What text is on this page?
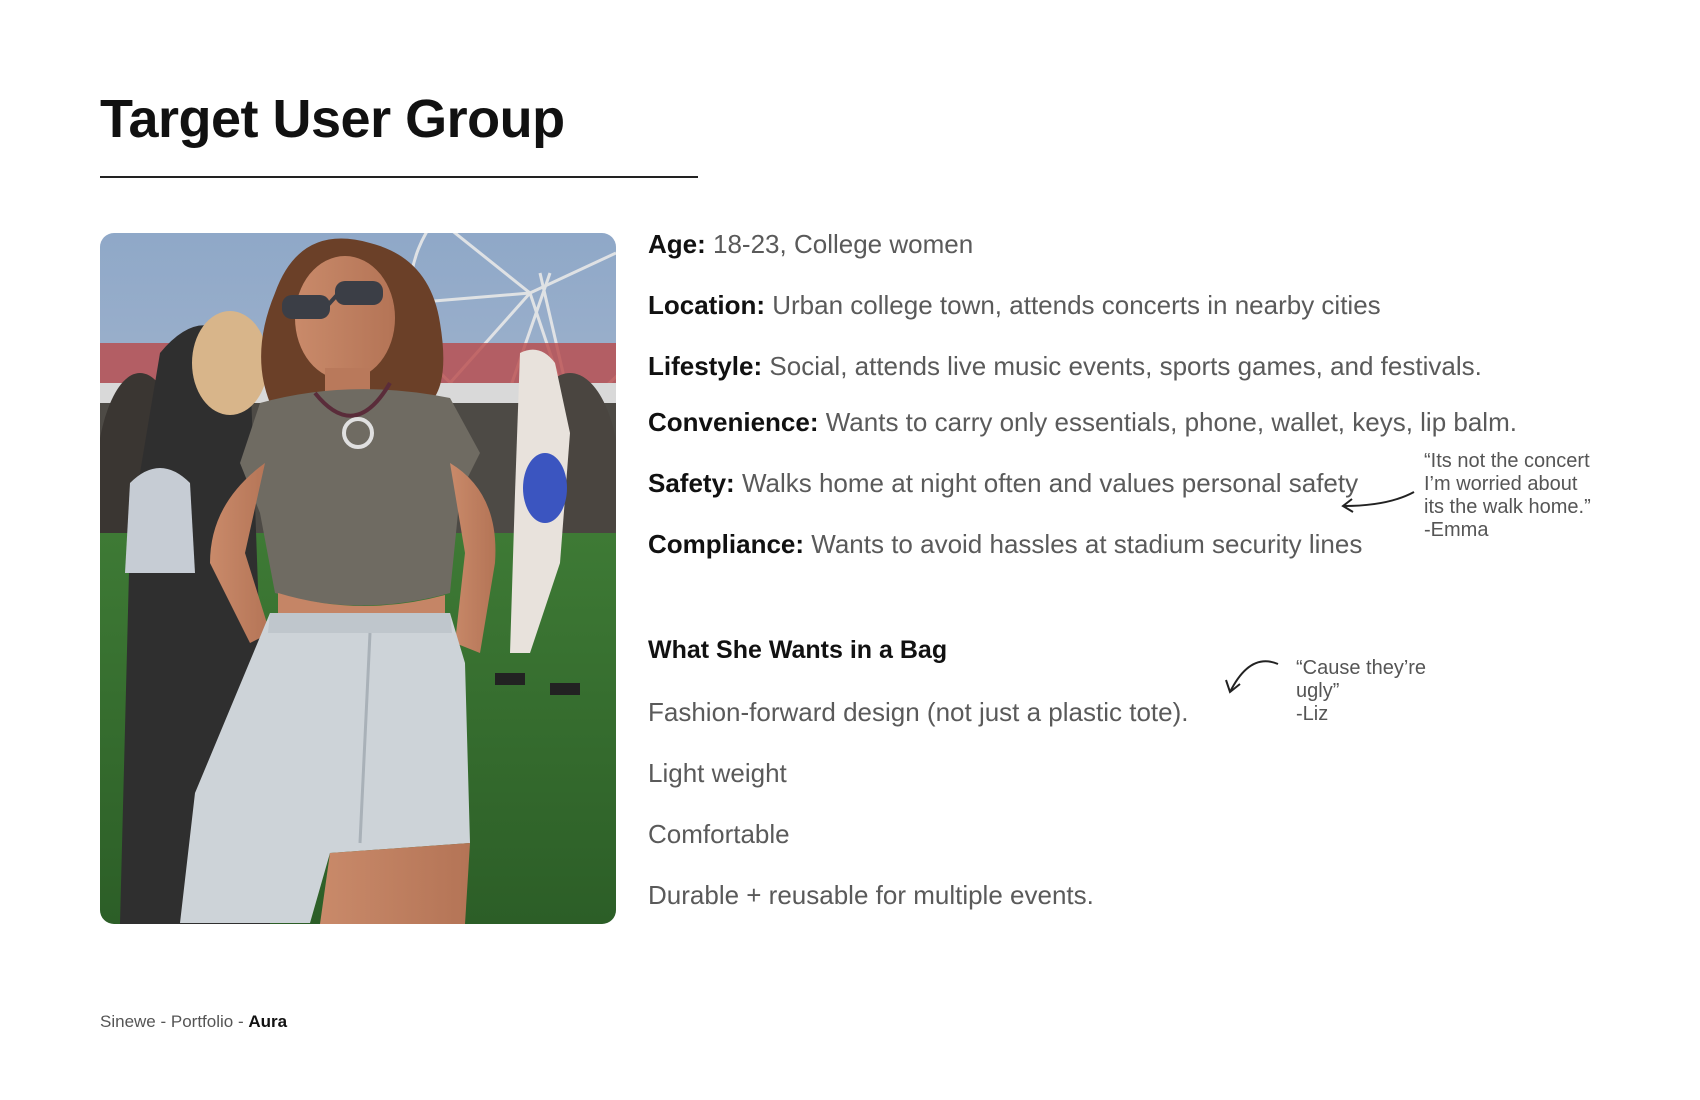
Target User Group
Age: 18-23, College women
Location: Urban college town, attends concerts in nearby cities
Lifestyle: Social, attends live music events, sports games, and festivals.
Convenience: Wants to carry only essentials, phone, wallet, keys, lip balm.
Safety: Walks home at night often and values personal safety
Compliance: Wants to avoid hassles at stadium security lines
“Its not the concert
I’m worried about
its the walk home.”
-Emma
What She Wants in a Bag
Fashion-forward design (not just a plastic tote).
Light weight
Comfortable
Durable + reusable for multiple events.
“Cause they’re
ugly”
-Liz
Sinewe - Portfolio - Aura
